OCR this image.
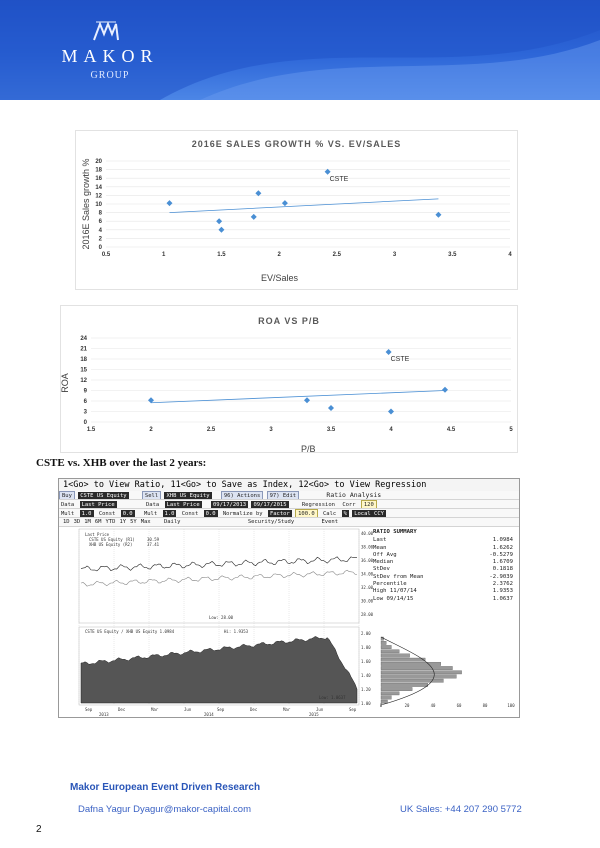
MAKOR
GROUP
2016E SALES GROWTH % VS. EV/SALES
0
2
4
6
8
10
12
14
16
18
20
0.5	1	1.5	2	2.5	3	3.5	4
CSTE
EV/Sales
2016E Sales growth %
ROA VS P/B
0
3
6
9
12
15
18
21
24
1.5	2	2.5	3	3.5	4	4.5	5
CSTE
P/B
ROA
CSTE vs. XHB over the last 2 years:
1<Go> to View Ratio, 11<Go> to Save as Index, 12<Go> to View Regression
Buy CSTE US Equity	Sell XHB US Equity	96) Actions 97) Edit	Ratio Analysis
Data Last Price	Data Last Price 09/17/2013 09/17/2015	Regression Corr 120
Mult 1.0 Const 0.0 Mult 1.0 Const 0.0 Normalize by Factor 100.0 Calc % Local CCY
1D 3D 1M 6M YTD 1Y 5Y Max Daily	Security/Study	Event
Last Price
CSTE US Equity (R1)	30.59
XHB US Equity (R2)	37.41
Low: 28.00
CSTE US Equity / XHB US Equity 1.0984	Hi: 1.9353
Low: 1.0637
40.00
38.00
36.00
34.00
32.00
30.00
28.00
2.00
1.80
1.60
1.40
1.20
1.00
Sep	Dec	Mar	Jun	Sep	Dec	Mar	Jun	Sep
2013	2014	2015
0	20	40	60	80	100
RATIO SUMMARY
Last	1.0984
Mean	1.6262
Off Avg	-0.5279
Median	1.6709
StDev	0.1818
StDev from Mean	-2.9039
Percentile	2.3762
High 11/07/14	1.9353
Low 09/14/15	1.0637
Makor European Event Driven Research
Dafna Yagur Dyagur@makor-capital.com	UK Sales: +44 207 290 5772
2
